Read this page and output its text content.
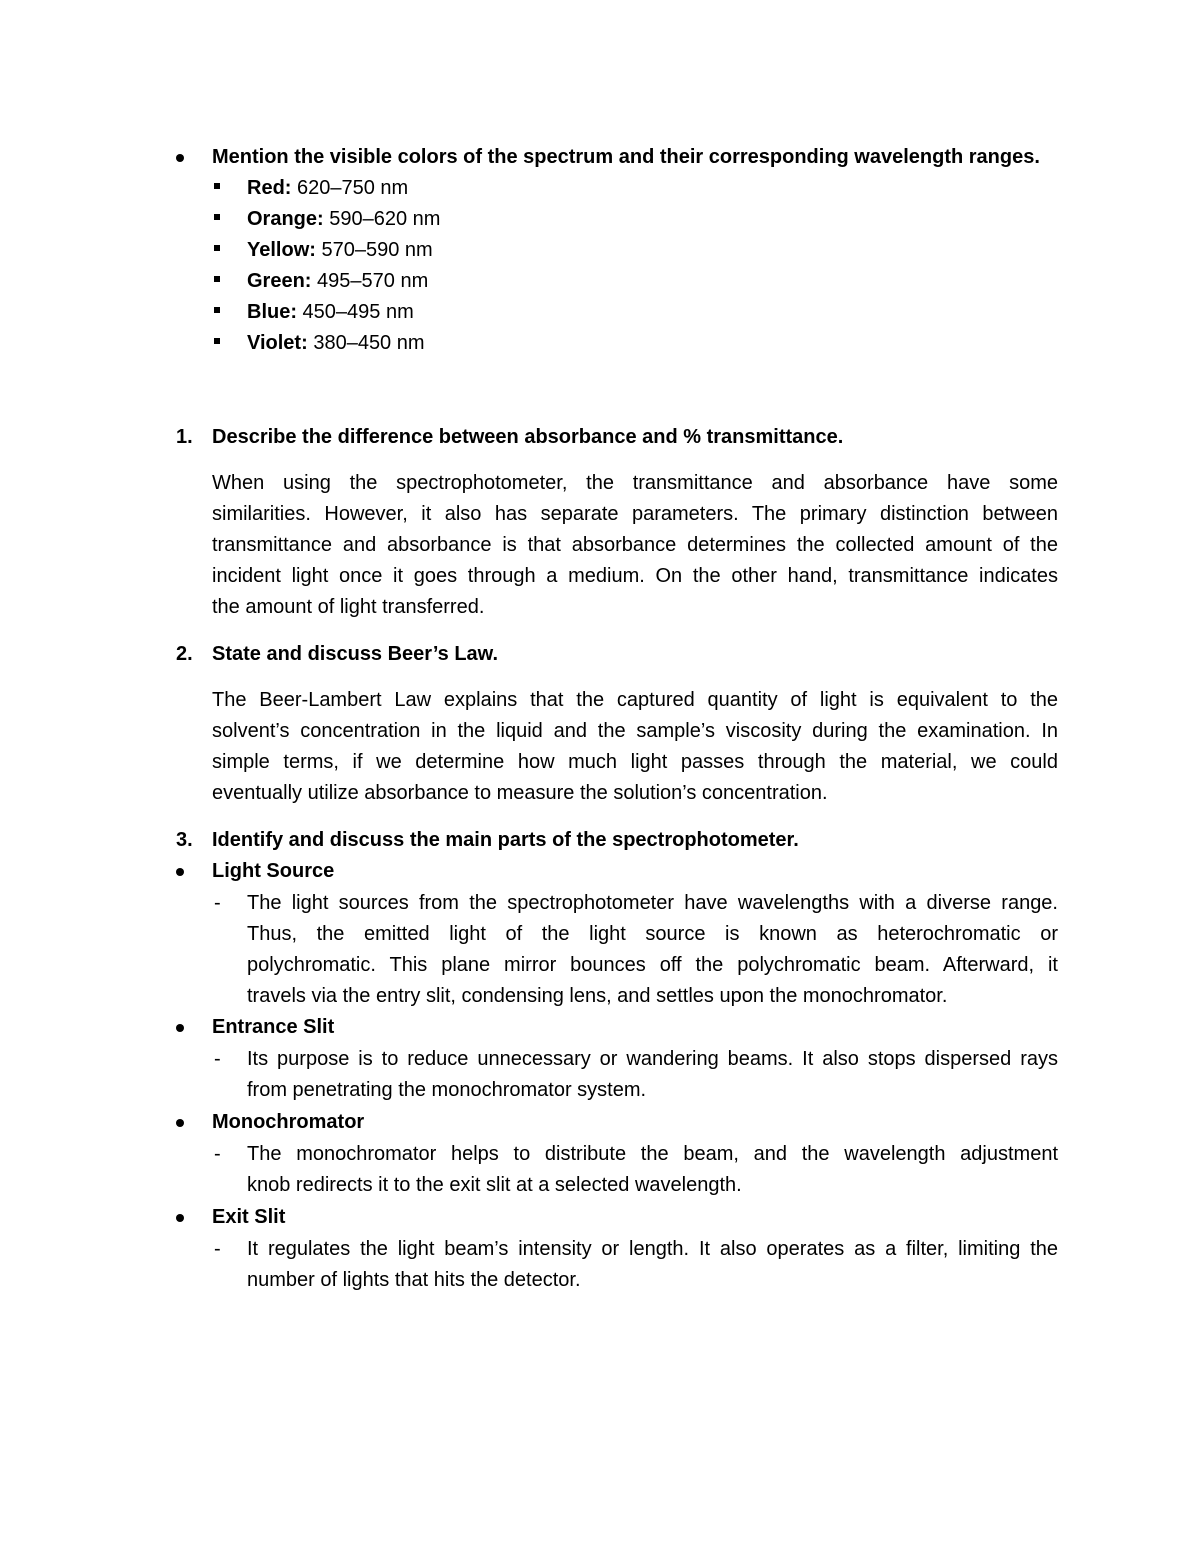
Mention the visible colors of the spectrum and their corresponding wavelength ranges.
Red: 620–750 nm
Orange: 590–620 nm
Yellow: 570–590 nm
Green: 495–570 nm
Blue: 450–495 nm
Violet: 380–450 nm
1. Describe the difference between absorbance and % transmittance.
When using the spectrophotometer, the transmittance and absorbance have some
similarities. However, it also has separate parameters. The primary distinction between
transmittance and absorbance is that absorbance determines the collected amount of the
incident light once it goes through a medium. On the other hand, transmittance indicates
the amount of light transferred.
2. State and discuss Beer’s Law.
The Beer-Lambert Law explains that the captured quantity of light is equivalent to the
solvent’s concentration in the liquid and the sample’s viscosity during the examination. In
simple terms, if we determine how much light passes through the material, we could
eventually utilize absorbance to measure the solution’s concentration.
3. Identify and discuss the main parts of the spectrophotometer.
Light Source
- The light sources from the spectrophotometer have wavelengths with a diverse range.
Thus, the emitted light of the light source is known as heterochromatic or
polychromatic. This plane mirror bounces off the polychromatic beam. Afterward, it
travels via the entry slit, condensing lens, and settles upon the monochromator.
Entrance Slit
- Its purpose is to reduce unnecessary or wandering beams. It also stops dispersed rays
from penetrating the monochromator system.
Monochromator
- The monochromator helps to distribute the beam, and the wavelength adjustment
knob redirects it to the exit slit at a selected wavelength.
Exit Slit
- It regulates the light beam’s intensity or length. It also operates as a filter, limiting the
number of lights that hits the detector.
